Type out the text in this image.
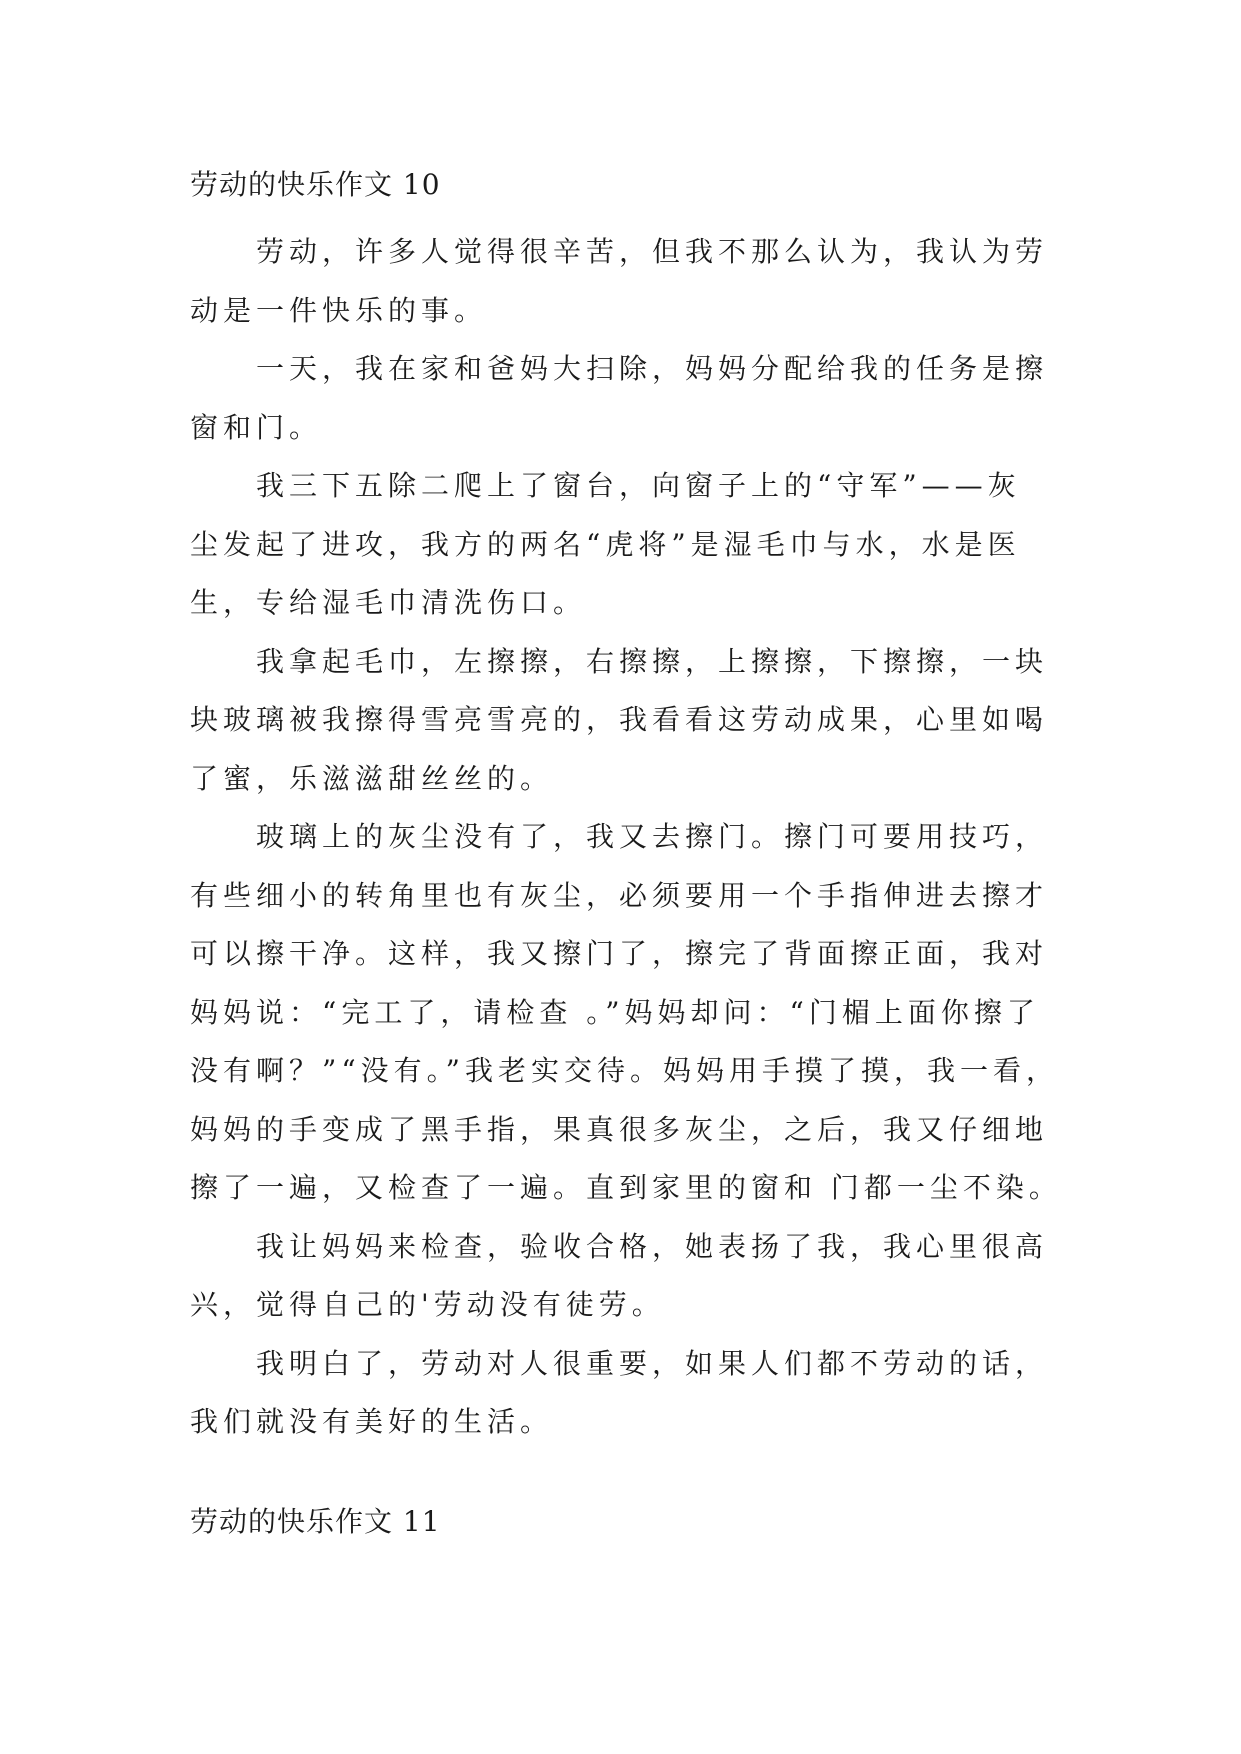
劳动的快乐作文 10
劳动，许多人觉得很辛苦，但我不那么认为，我认为劳
动是一件快乐的事。
一天，我在家和爸妈大扫除，妈妈分配给我的任务是擦
窗和门。
我三下五除二爬上了窗台，向窗子上的“守军”——灰
尘发起了进攻，我方的两名“虎将”是湿毛巾与水，水是医
生，专给湿毛巾清洗伤口。
我拿起毛巾，左擦擦，右擦擦，上擦擦，下擦擦，一块
块玻璃被我擦得雪亮雪亮的，我看看这劳动成果，心里如喝
了蜜，乐滋滋甜丝丝的。
玻璃上的灰尘没有了，我又去擦门。擦门可要用技巧，
有些细小的转角里也有灰尘，必须要用一个手指伸进去擦才
可以擦干净。这样，我又擦门了，擦完了背面擦正面，我对
妈妈说：“完工了，请检查 。”妈妈却问：“门楣上面你擦了
没有啊？”“没有。”我老实交待。妈妈用手摸了摸，我一看，
妈妈的手变成了黑手指，果真很多灰尘，之后，我又仔细地
擦了一遍，又检查了一遍。直到家里的窗和 门都一尘不染。
我让妈妈来检查，验收合格，她表扬了我，我心里很高
兴，觉得自己的'劳动没有徒劳。
我明白了，劳动对人很重要，如果人们都不劳动的话，
我们就没有美好的生活。
劳动的快乐作文 11
